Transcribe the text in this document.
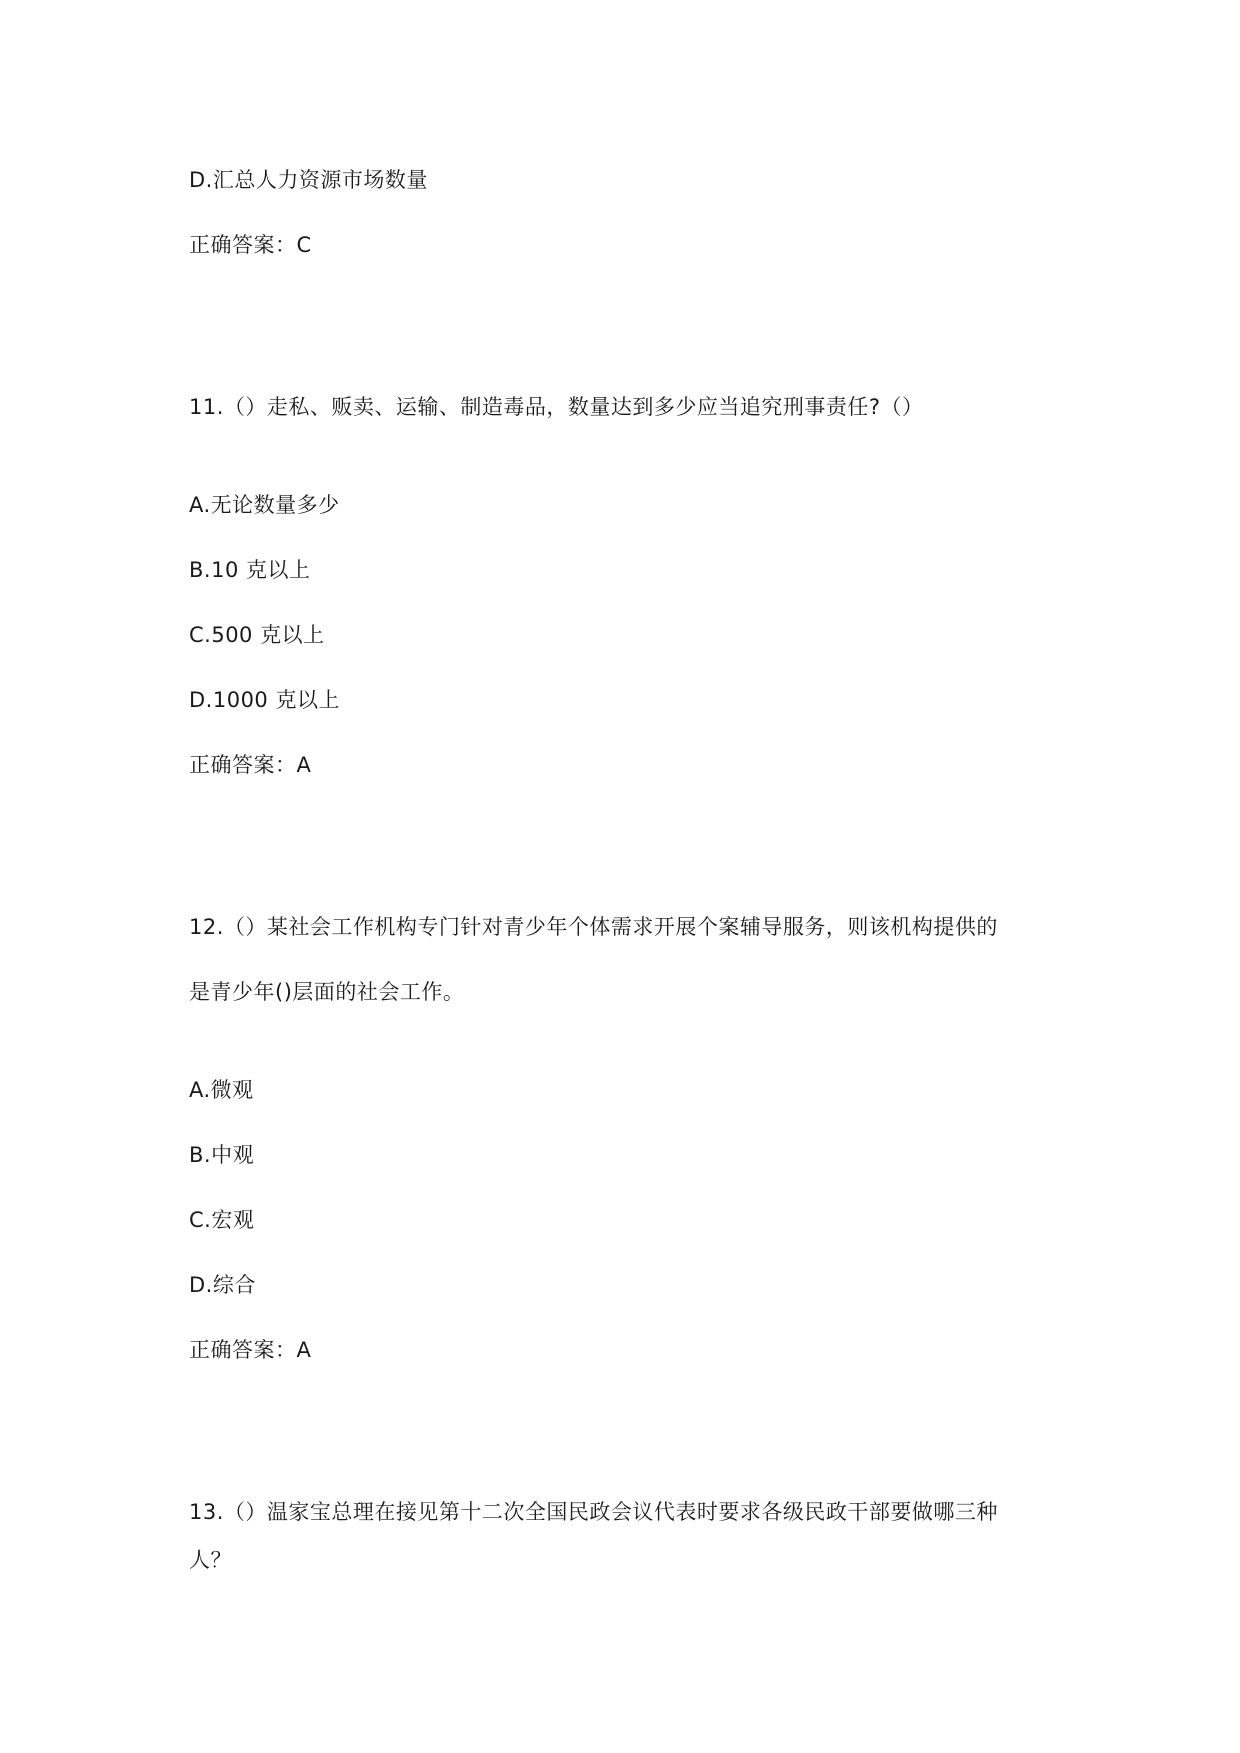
D.汇总人力资源市场数量
正确答案：C
11.（）走私、贩卖、运输、制造毒品，数量达到多少应当追究刑事责任?（）
A.无论数量多少
B.10 克以上
C.500 克以上
D.1000 克以上
正确答案：A
12.（）某社会工作机构专门针对青少年个体需求开展个案辅导服务，则该机构提供的
是青少年()层面的社会工作。
A.微观
B.中观
C.宏观
D.综合
正确答案：A
13.（）温家宝总理在接见第十二次全国民政会议代表时要求各级民政干部要做哪三种
人？
